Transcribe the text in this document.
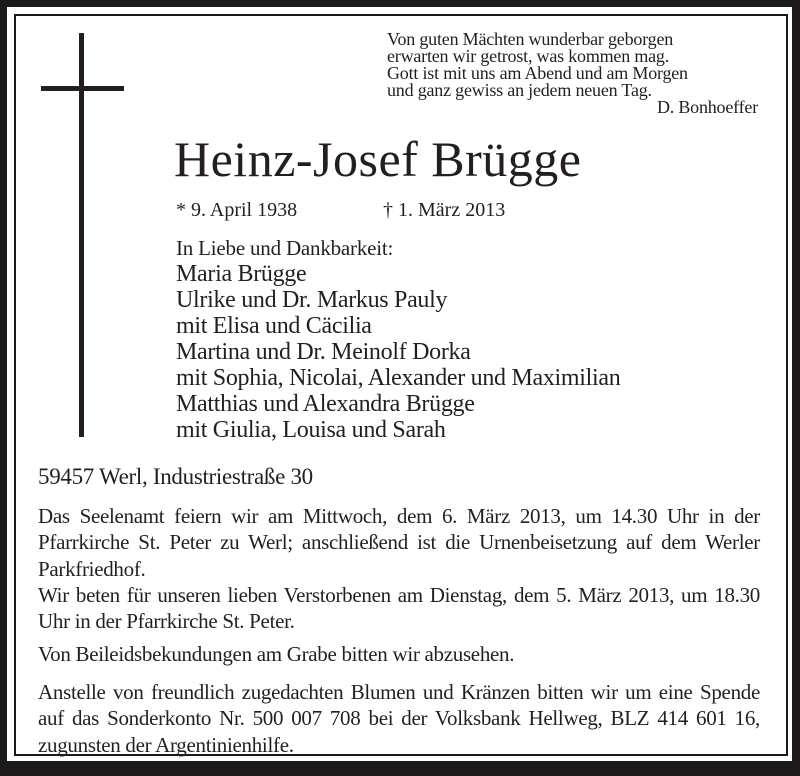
Von guten Mächten wunderbar geborgen
erwarten wir getrost, was kommen mag.
Gott ist mit uns am Abend und am Morgen
und ganz gewiss an jedem neuen Tag.
D. Bonhoeffer
Heinz-Josef Brügge
* 9. April 1938	† 1. März 2013
In Liebe und Dankbarkeit:
Maria Brügge
Ulrike und Dr. Markus Pauly
mit Elisa und Cäcilia
Martina und Dr. Meinolf Dorka
mit Sophia, Nicolai, Alexander und Maximilian
Matthias und Alexandra Brügge
mit Giulia, Louisa und Sarah
59457 Werl, Industriestraße 30

Das Seelenamt feiern wir am Mittwoch, dem 6. März 2013, um 14.30 Uhr in der Pfarrkirche St. Peter zu Werl; anschließend ist die Urnenbeisetzung auf dem Werler Parkfriedhof.

Wir beten für unseren lieben Verstorbenen am Dienstag, dem 5. März 2013, um 18.30 Uhr in der Pfarrkirche St. Peter.

Von Beileidsbekundungen am Grabe bitten wir abzusehen.

Anstelle von freundlich zugedachten Blumen und Kränzen bitten wir um eine Spende auf das Sonderkonto Nr. 500 007 708 bei der Volksbank Hellweg, BLZ 414 601 16, zugunsten der Argentinienhilfe.
